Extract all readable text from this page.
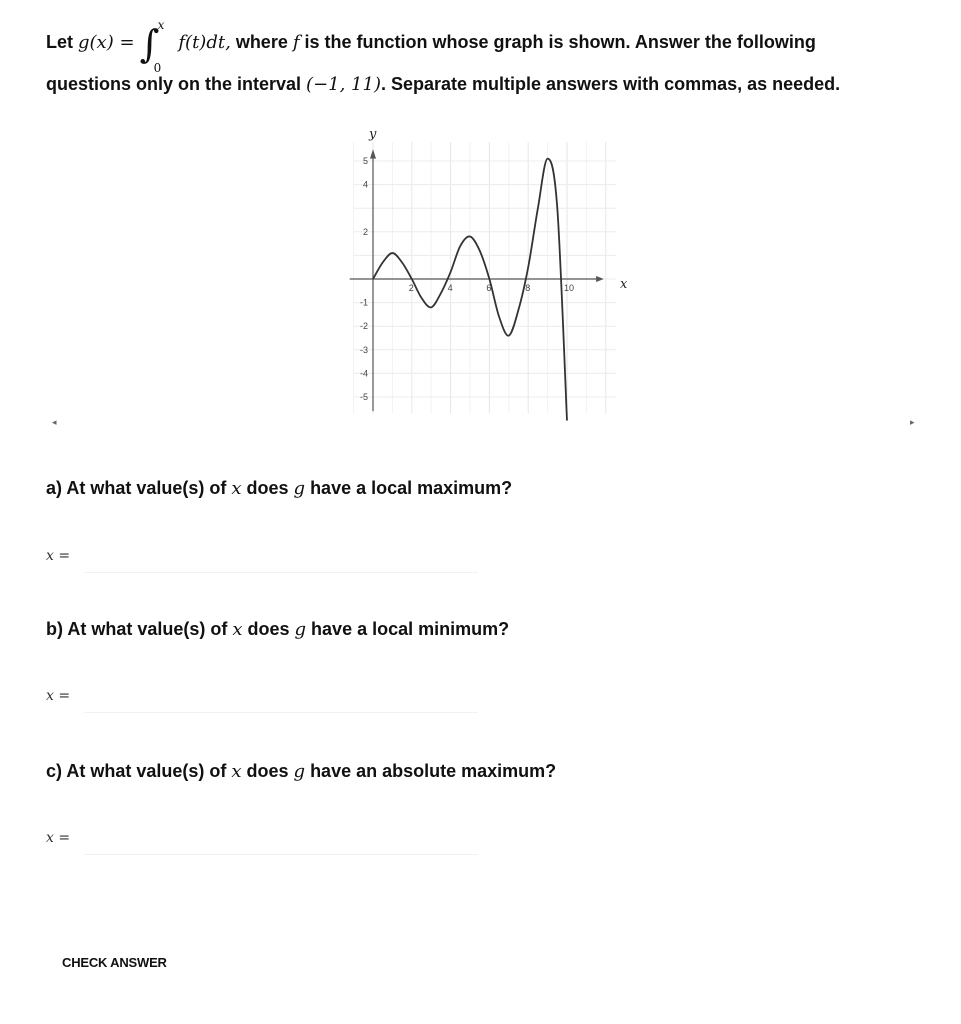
Let g(x) = ∫
x
0
f(t)dt, where f is the function whose graph is shown. Answer the following
questions only on the interval (−1, 11). Separate multiple answers with commas, as needed.
◂	▸
x
y
2	4	6	8	10
5
4
2
-1
-2
-3
-4
-5
a) At what value(s) of x does g have a local maximum?
x =
b) At what value(s) of x does g have a local minimum?
x =
c) At what value(s) of x does g have an absolute maximum?
x =
CHECK ANSWER
